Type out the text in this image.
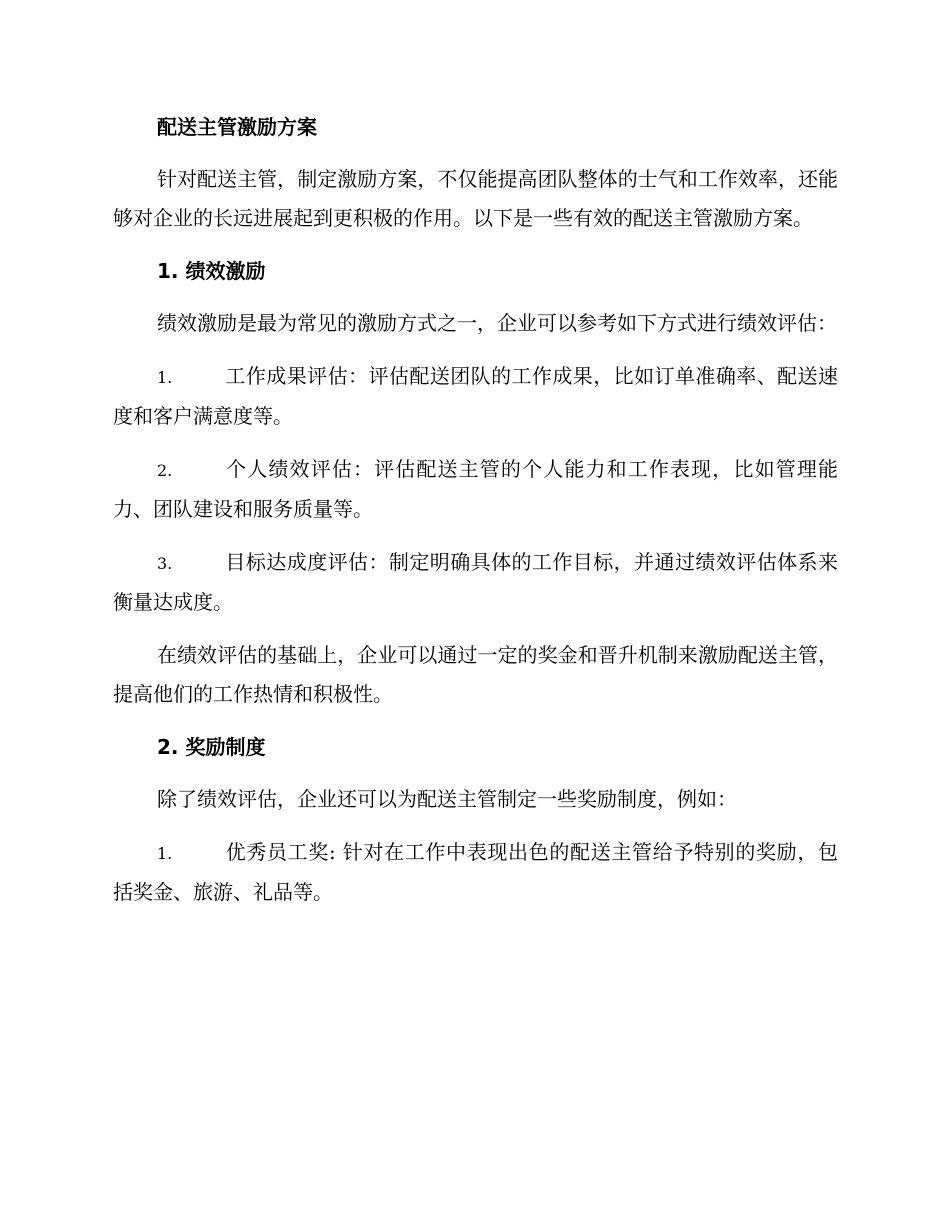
配送主管激励方案

针对配送主管，制定激励方案，不仅能提高团队整体的士气和工作效率，还能够对企业的长远进展起到更积极的作用。以下是一些有效的配送主管激励方案。

1. 绩效激励

绩效激励是最为常见的激励方式之一，企业可以参考如下方式进行绩效评估：

1.	工作成果评估：评估配送团队的工作成果，比如订单准确率、配送速度和客户满意度等。

2.	个人绩效评估：评估配送主管的个人能力和工作表现，比如管理能力、团队建设和服务质量等。

3.	目标达成度评估：制定明确具体的工作目标，并通过绩效评估体系来衡量达成度。

在绩效评估的基础上，企业可以通过一定的奖金和晋升机制来激励配送主管，提高他们的工作热情和积极性。

2. 奖励制度

除了绩效评估，企业还可以为配送主管制定一些奖励制度，例如：

1.	优秀员工奖: 针对在工作中表现出色的配送主管给予特别的奖励，包括奖金、旅游、礼品等。
